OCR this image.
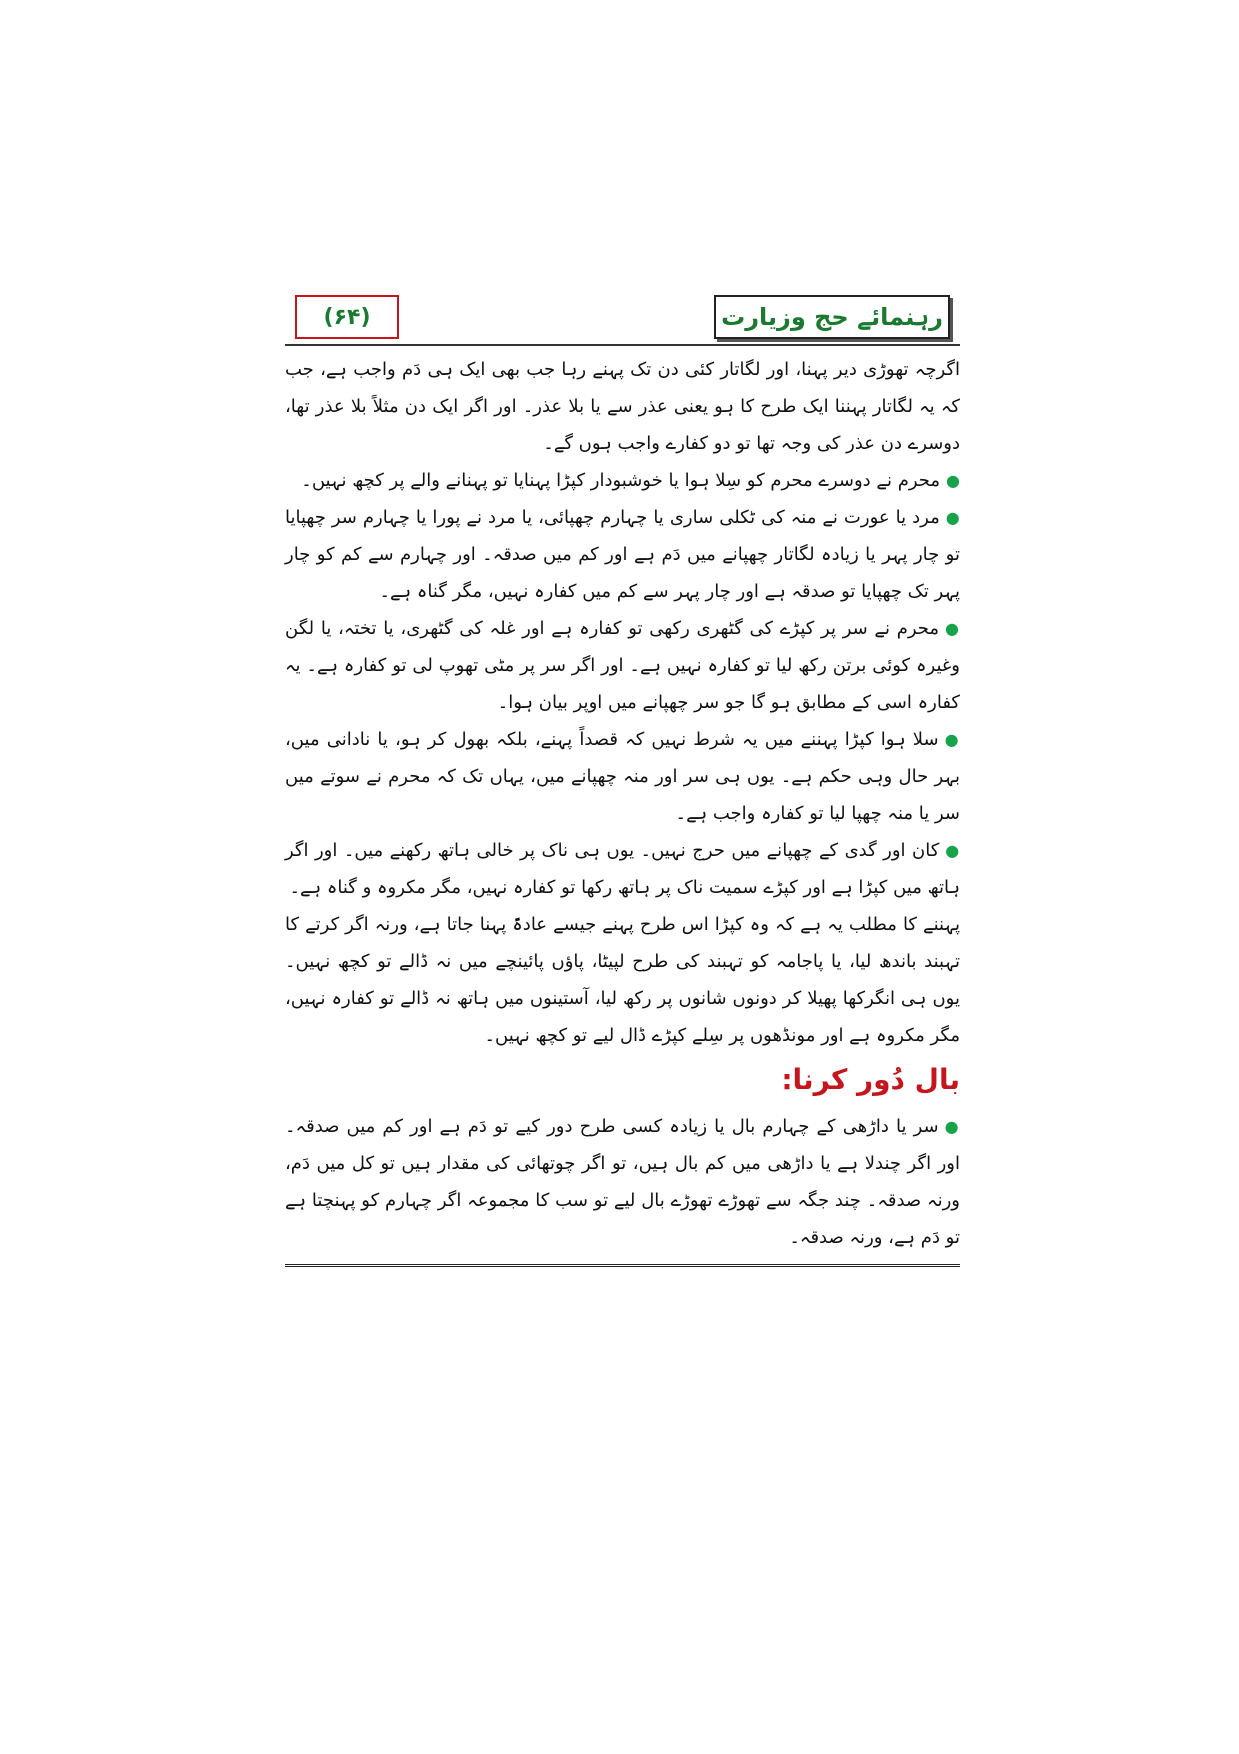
رہنمائے حج وزیارت
(۶۴)

اگرچہ تھوڑی دیر پہنا، اور لگاتار کئی دن تک پہنے رہا جب بھی ایک ہی دَم واجب ہے، جب کہ یہ لگاتار پہننا ایک طرح کا ہو یعنی عذر سے یا بلا عذر۔ اور اگر ایک دن مثلاً بلا عذر تھا، دوسرے دن عذر کی وجہ تھا تو دو کفارے واجب ہوں گے۔

●محرم نے دوسرے محرم کو سِلا ہوا یا خوشبودار کپڑا پہنایا تو پہنانے والے پر کچھ نہیں۔

●مرد یا عورت نے منہ کی ٹکلی ساری یا چہارم چھپائی، یا مرد نے پورا یا چہارم سر چھپایا تو چار پہر یا زیادہ لگاتار چھپانے میں دَم ہے اور کم میں صدقہ۔ اور چہارم سے کم کو چار پہر تک چھپایا تو صدقہ ہے اور چار پہر سے کم میں کفارہ نہیں، مگر گناہ ہے۔

●محرم نے سر پر کپڑے کی گٹھری رکھی تو کفارہ ہے اور غلہ کی گٹھری، یا تختہ، یا لگن وغیرہ کوئی برتن رکھ لیا تو کفارہ نہیں ہے۔ اور اگر سر پر مٹی تھوپ لی تو کفارہ ہے۔ یہ کفارہ اسی کے مطابق ہو گا جو سر چھپانے میں اوپر بیان ہوا۔

●سلا ہوا کپڑا پہننے میں یہ شرط نہیں کہ قصداً پہنے، بلکہ بھول کر ہو، یا نادانی میں، بہر حال وہی حکم ہے۔ یوں ہی سر اور منہ چھپانے میں، یہاں تک کہ محرم نے سوتے میں سر یا منہ چھپا لیا تو کفارہ واجب ہے۔

●کان اور گدی کے چھپانے میں حرج نہیں۔ یوں ہی ناک پر خالی ہاتھ رکھنے میں۔ اور اگر ہاتھ میں کپڑا ہے اور کپڑے سمیت ناک پر ہاتھ رکھا تو کفارہ نہیں، مگر مکروہ و گناہ ہے۔

پہننے کا مطلب یہ ہے کہ وہ کپڑا اس طرح پہنے جیسے عادۃً پہنا جاتا ہے، ورنہ اگر کرتے کا تہبند باندھ لیا، یا پاجامہ کو تہبند کی طرح لپیٹا، پاؤں پائینچے میں نہ ڈالے تو کچھ نہیں۔ یوں ہی انگرکھا پھیلا کر دونوں شانوں پر رکھ لیا، آستینوں میں ہاتھ نہ ڈالے تو کفارہ نہیں، مگر مکروہ ہے اور مونڈھوں پر سِلے کپڑے ڈال لیے تو کچھ نہیں۔

بال دُور کرنا:

●سر یا داڑھی کے چہارم بال یا زیادہ کسی طرح دور کیے تو دَم ہے اور کم میں صدقہ۔ اور اگر چندلا ہے یا داڑھی میں کم بال ہیں، تو اگر چوتھائی کی مقدار ہیں تو کل میں دَم، ورنہ صدقہ۔ چند جگہ سے تھوڑے تھوڑے بال لیے تو سب کا مجموعہ اگر چہارم کو پہنچتا ہے تو دَم ہے، ورنہ صدقہ۔
